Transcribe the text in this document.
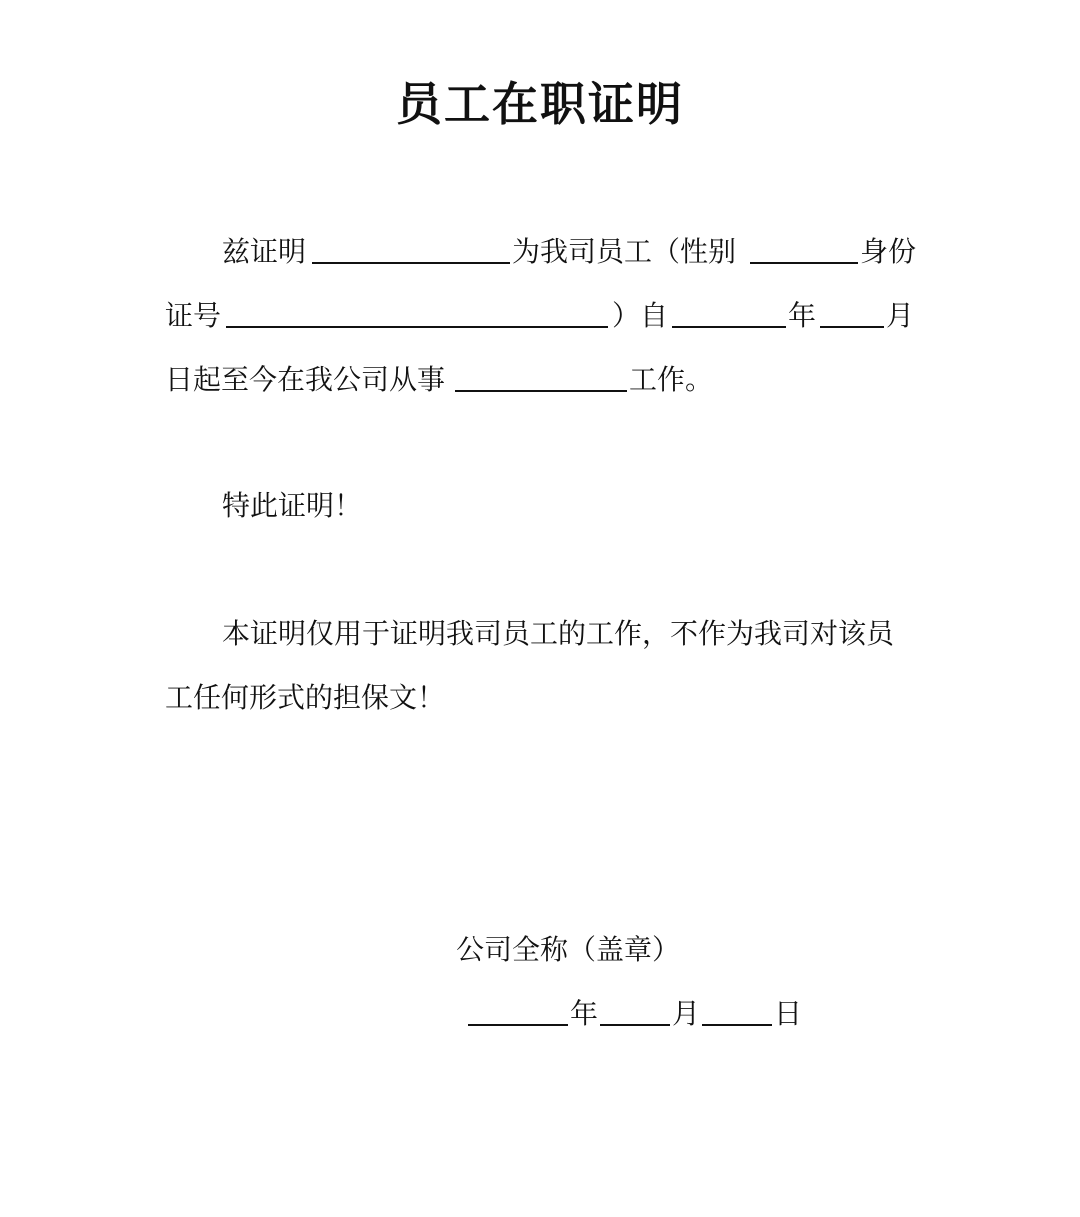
员工在职证明
兹证明	为我司员工（性别	身份
证号	）自	年 月
日起至今在我公司从事	工作。
特此证明！
本证明仅用于证明我司员工的工作，不作为我司对该员
工任何形式的担保文！
公司全称（盖章）
年	月	日
